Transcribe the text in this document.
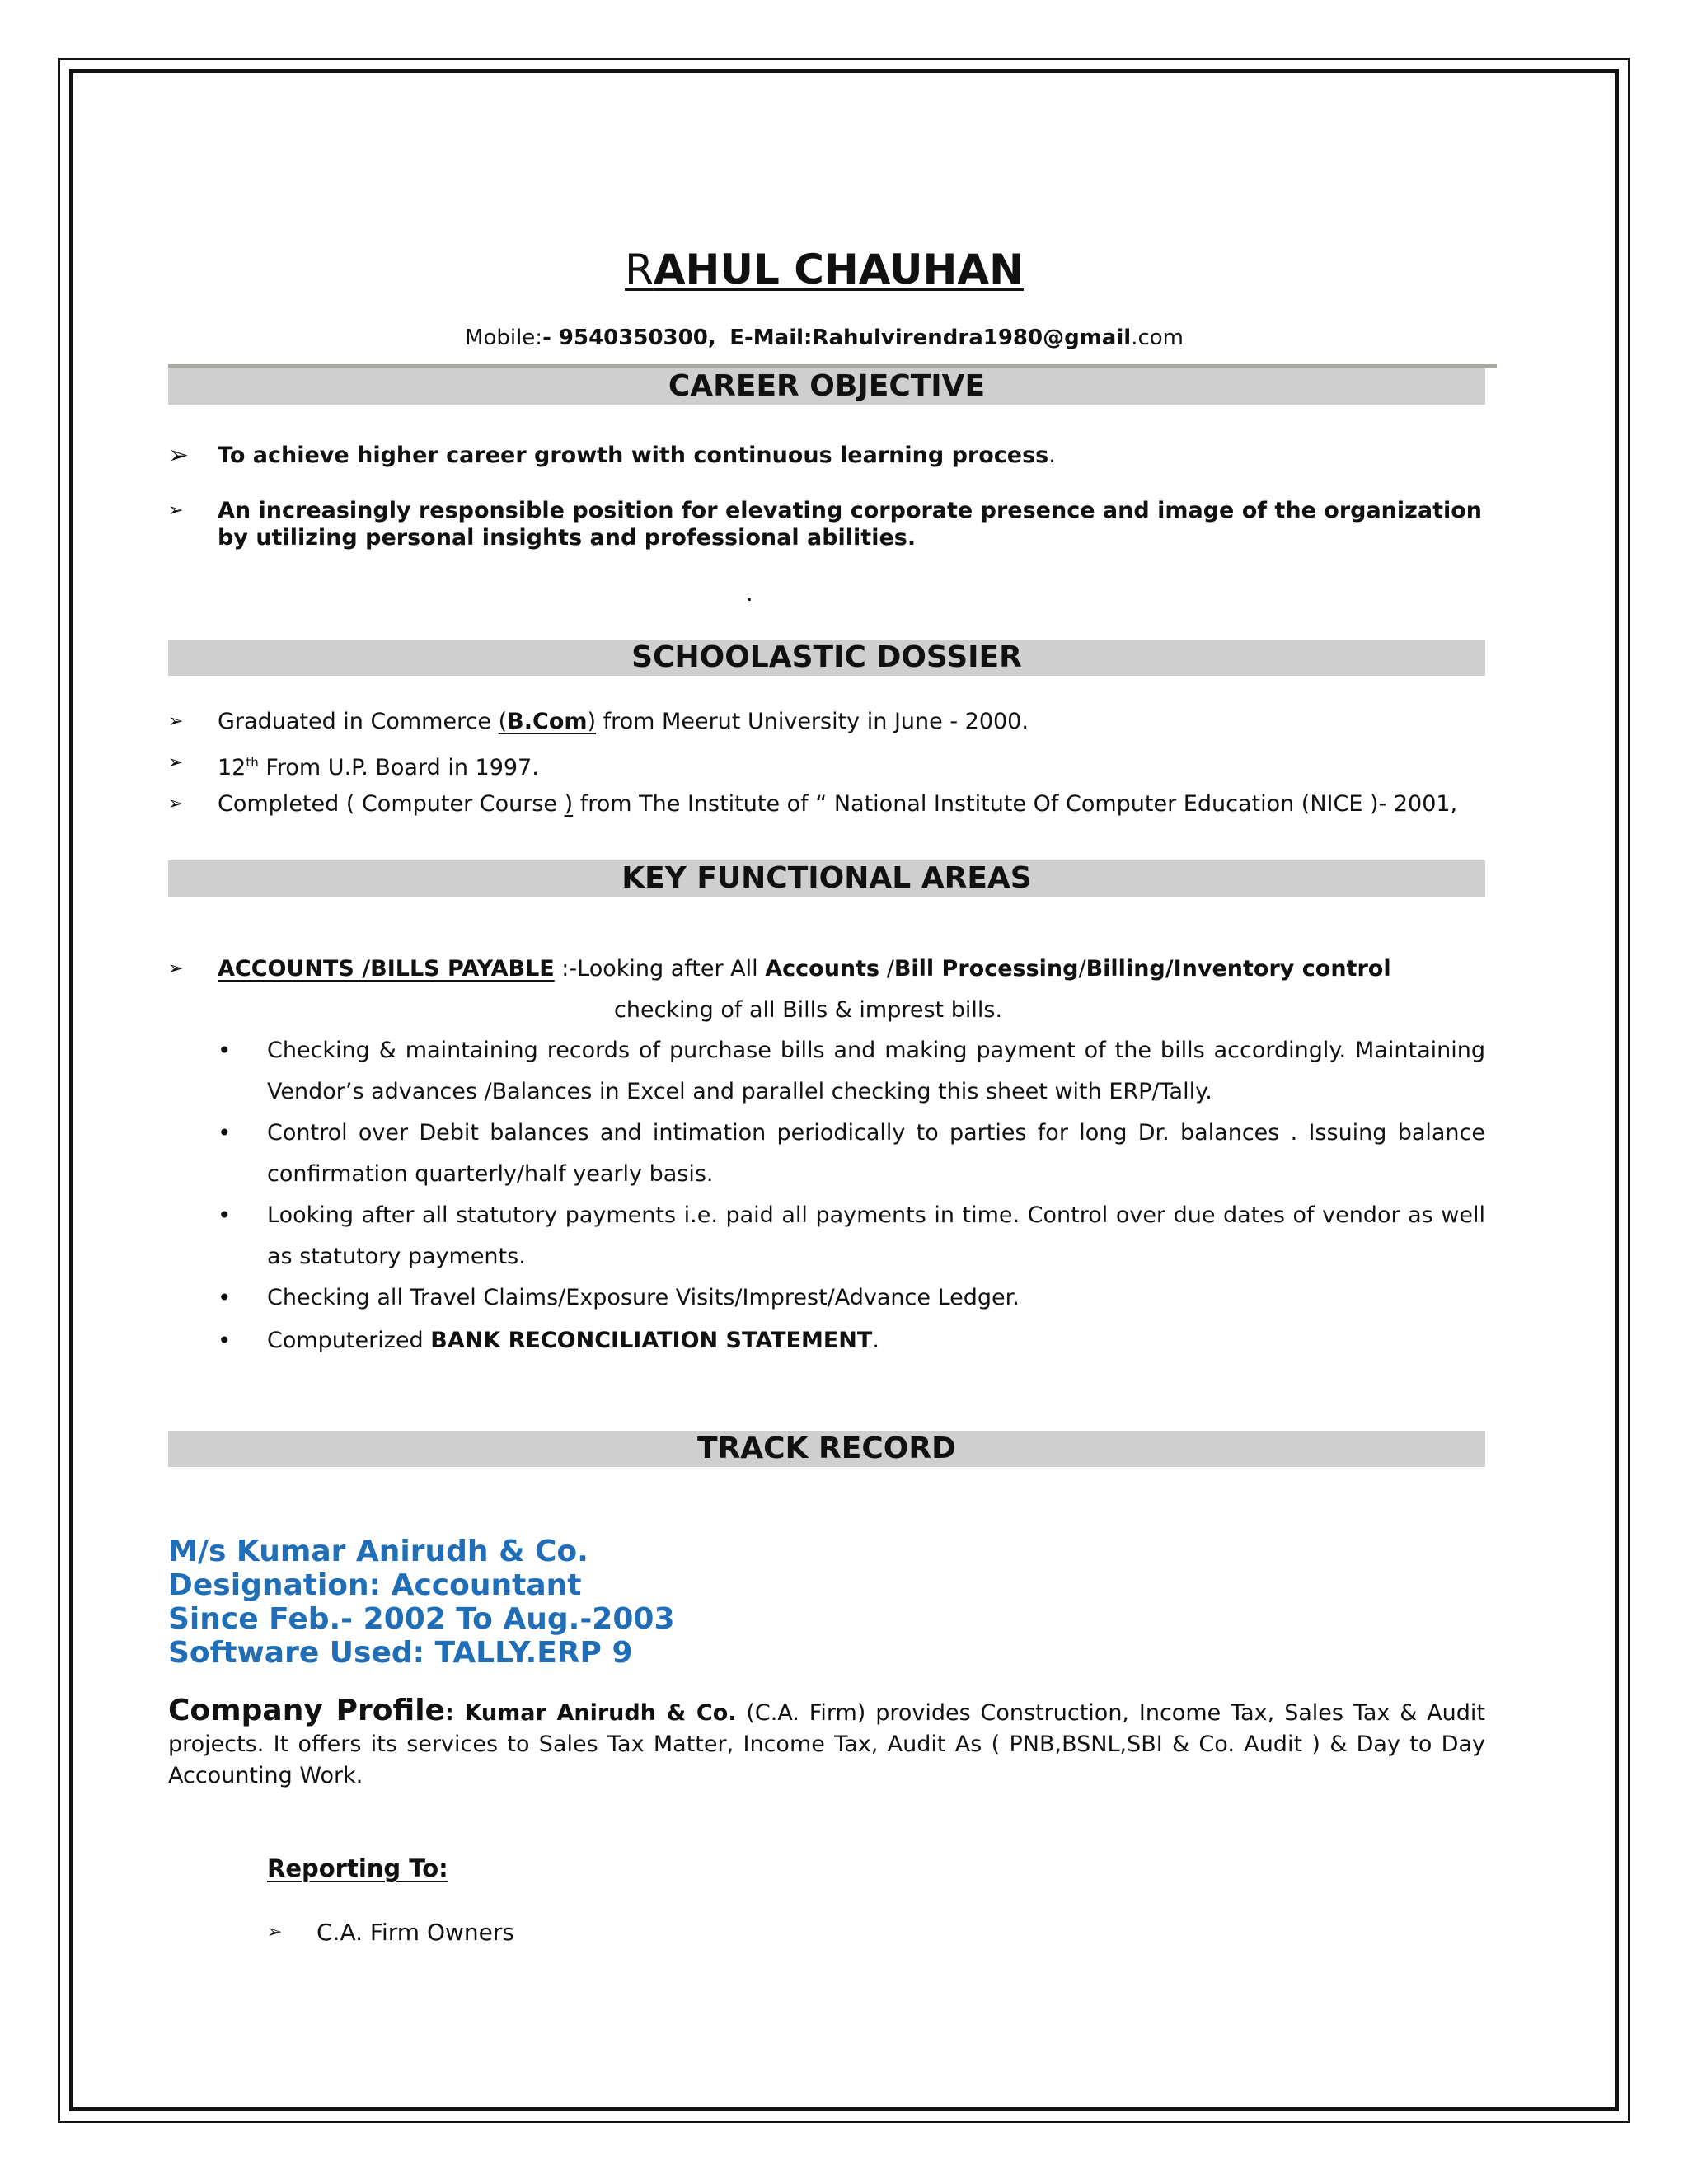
RAHUL CHAUHAN
Mobile:- 9540350300, E-Mail:Rahulvirendra1980@gmail.com
CAREER OBJECTIVE
➢	To achieve higher career growth with continuous learning process.
➢	An increasingly responsible position for elevating corporate presence and image of the organization by utilizing personal insights and professional abilities.
.
SCHOOLASTIC DOSSIER
➢	Graduated in Commerce (B.Com) from Meerut University in June - 2000.
➢	12th From U.P. Board in 1997.
➢	Completed ( Computer Course ) from The Institute of “ National Institute Of Computer Education (NICE )- 2001,
KEY FUNCTIONAL AREAS
➢	ACCOUNTS /BILLS PAYABLE :-Looking after All Accounts /Bill Processing/Billing/Inventory control
checking of all Bills & imprest bills.
• Checking & maintaining records of purchase bills and making payment of the bills accordingly. Maintaining Vendor’s advances /Balances in Excel and parallel checking this sheet with ERP/Tally.
• Control over Debit balances and intimation periodically to parties for long Dr. balances . Issuing balance confirmation quarterly/half yearly basis.
• Looking after all statutory payments i.e. paid all payments in time. Control over due dates of vendor as well as statutory payments.
• Checking all Travel Claims/Exposure Visits/Imprest/Advance Ledger.
• Computerized BANK RECONCILIATION STATEMENT.
TRACK RECORD
M/s Kumar Anirudh & Co.
Designation: Accountant
Since Feb.- 2002 To Aug.-2003
Software Used: TALLY.ERP 9
Company Profile: Kumar Anirudh & Co. (C.A. Firm) provides Construction, Income Tax, Sales Tax & Audit projects. It offers its services to Sales Tax Matter, Income Tax, Audit As ( PNB,BSNL,SBI & Co. Audit ) & Day to Day Accounting Work.
Reporting To:
➢	C.A. Firm Owners
